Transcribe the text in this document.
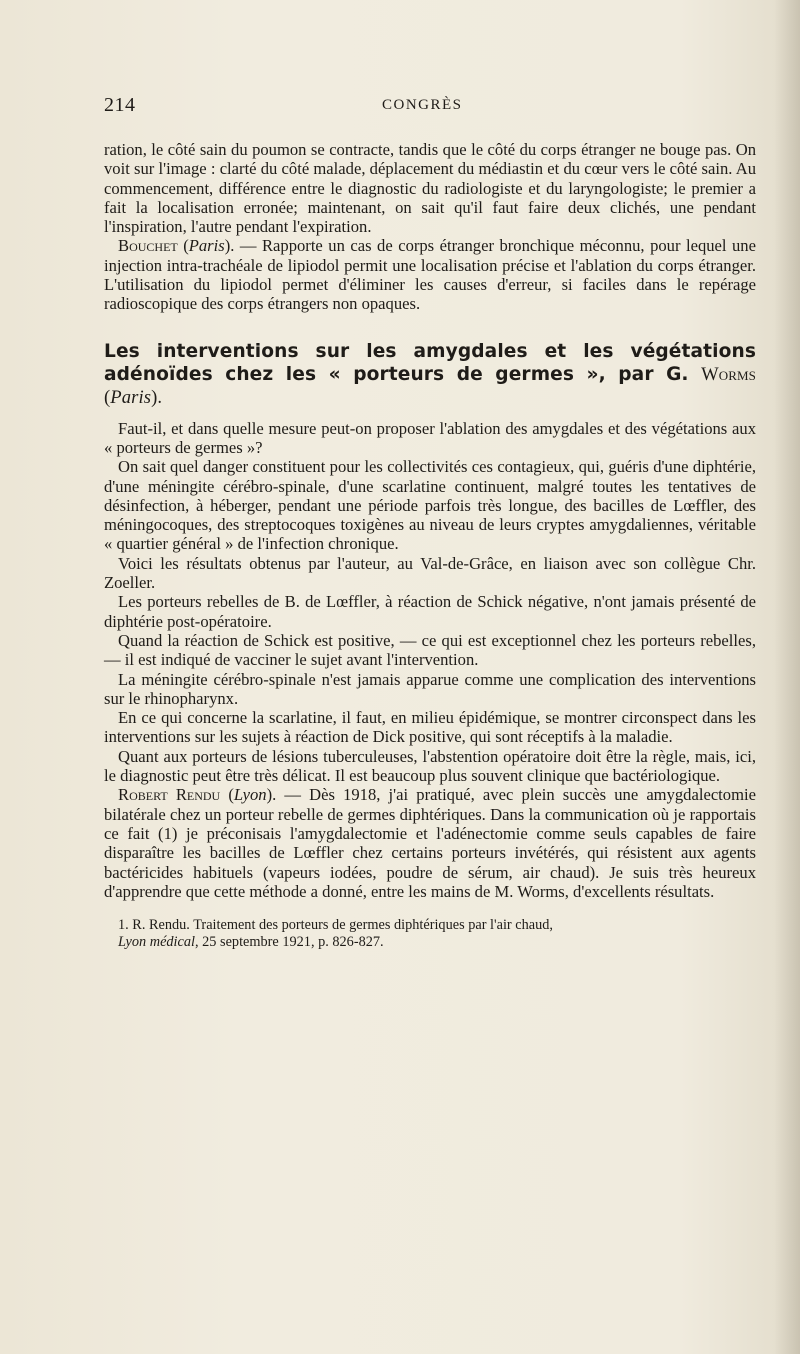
214	CONGRÈS

ration, le côté sain du poumon se contracte, tandis que le côté du corps étranger ne bouge pas. On voit sur l'image : clarté du côté malade, déplacement du médiastin et du cœur vers le côté sain. Au commencement, différence entre le diagnostic du radiologiste et du laryngologiste; le premier a fait la localisation erronée; maintenant, on sait qu'il faut faire deux clichés, une pendant l'inspiration, l'autre pendant l'expiration.

Bouchet (Paris). — Rapporte un cas de corps étranger bronchique méconnu, pour lequel une injection intra-trachéale de lipiodol permit une localisation précise et l'ablation du corps étranger. L'utilisation du lipiodol permet d'éliminer les causes d'erreur, si faciles dans le repérage radioscopique des corps étrangers non opaques.

Les interventions sur les amygdales et les végétations adénoïdes chez les « porteurs de germes », par G. Worms (Paris).

Faut-il, et dans quelle mesure peut-on proposer l'ablation des amygdales et des végétations aux « porteurs de germes »?

On sait quel danger constituent pour les collectivités ces contagieux, qui, guéris d'une diphtérie, d'une méningite cérébro-spinale, d'une scarlatine continuent, malgré toutes les tentatives de désinfection, à héberger, pendant une période parfois très longue, des bacilles de Lœffler, des méningocoques, des streptocoques toxigènes au niveau de leurs cryptes amygdaliennes, véritable « quartier général » de l'infection chronique.

Voici les résultats obtenus par l'auteur, au Val-de-Grâce, en liaison avec son collègue Chr. Zoeller.

Les porteurs rebelles de B. de Lœffler, à réaction de Schick négative, n'ont jamais présenté de diphtérie post-opératoire.

Quand la réaction de Schick est positive, — ce qui est exceptionnel chez les porteurs rebelles, — il est indiqué de vacciner le sujet avant l'intervention.

La méningite cérébro-spinale n'est jamais apparue comme une complication des interventions sur le rhinopharynx.

En ce qui concerne la scarlatine, il faut, en milieu épidémique, se montrer circonspect dans les interventions sur les sujets à réaction de Dick positive, qui sont réceptifs à la maladie.

Quant aux porteurs de lésions tuberculeuses, l'abstention opératoire doit être la règle, mais, ici, le diagnostic peut être très délicat. Il est beaucoup plus souvent clinique que bactériologique.

Robert Rendu (Lyon). — Dès 1918, j'ai pratiqué, avec plein succès une amygdalectomie bilatérale chez un porteur rebelle de germes diphtériques. Dans la communication où je rapportais ce fait (1) je préconisais l'amygdalectomie et l'adénectomie comme seuls capables de faire disparaître les bacilles de Lœffler chez certains porteurs invétérés, qui résistent aux agents bactéricides habituels (vapeurs iodées, poudre de sérum, air chaud). Je suis très heureux d'apprendre que cette méthode a donné, entre les mains de M. Worms, d'excellents résultats.

1. R. Rendu. Traitement des porteurs de germes diphtériques par l'air chaud,
Lyon médical, 25 septembre 1921, p. 826-827.
